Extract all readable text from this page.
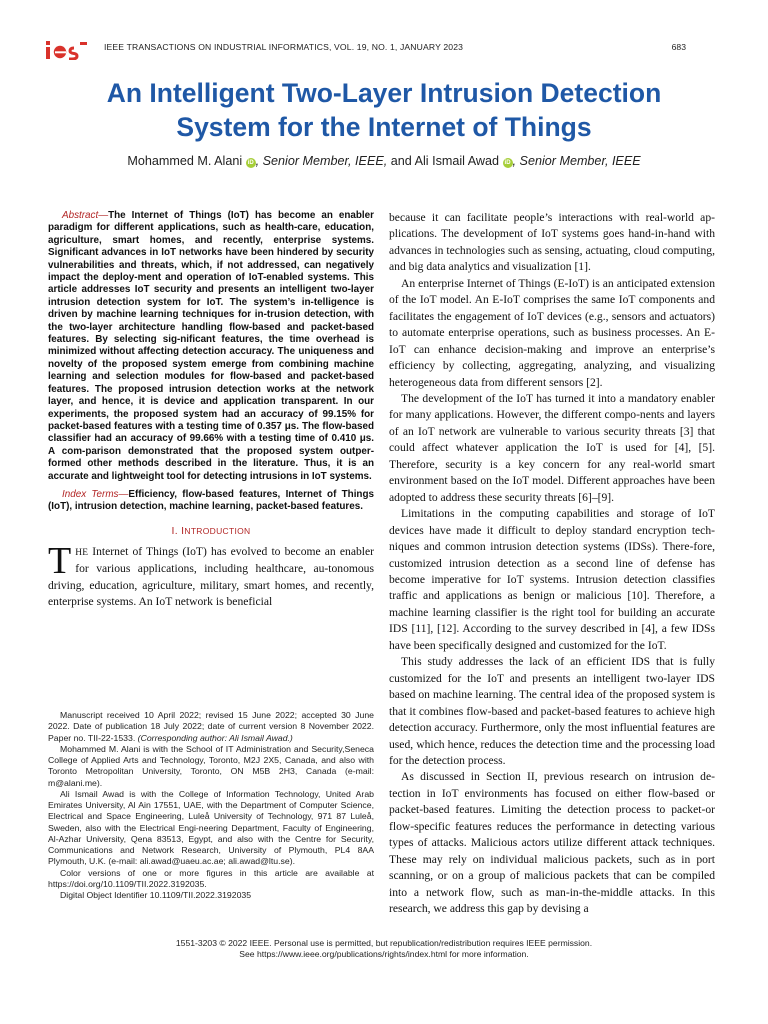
IEEE TRANSACTIONS ON INDUSTRIAL INFORMATICS, VOL. 19, NO. 1, JANUARY 2023	683
An Intelligent Two-Layer Intrusion Detection
System for the Internet of Things
Mohammed M. Alani iD , Senior Member, IEEE, and Ali Ismail Awad iD , Senior Member, IEEE

Abstract—The Internet of Things (IoT) has become an enabler paradigm for different applications, such as health-care, education, agriculture, smart homes, and recently, enterprise systems. Significant advances in IoT networks have been hindered by security vulnerabilities and threats, which, if not addressed, can negatively impact the deploy-ment and operation of IoT-enabled systems. This article addresses IoT security and presents an intelligent two-layer intrusion detection system for IoT. The system’s in-telligence is driven by machine learning techniques for in-trusion detection, with the two-layer architecture handling flow-based and packet-based features. By selecting sig-nificant features, the time overhead is minimized without affecting detection accuracy. The uniqueness and novelty of the proposed system emerge from combining machine learning and selection modules for flow-based and packet-based features. The proposed intrusion detection works at the network layer, and hence, it is device and application transparent. In our experiments, the proposed system had an accuracy of 99.15% for packet-based features with a testing time of 0.357 μs. The flow-based classifier had an accuracy of 99.66% with a testing time of 0.410 μs. A com-parison demonstrated that the proposed system outper-formed other methods described in the literature. Thus, it is an accurate and lightweight tool for detecting intrusions in IoT systems.

Index Terms—Efficiency, flow-based features, Internet of Things (IoT), intrusion detection, machine learning, packet-based features.

I. INTRODUCTION
THE Internet of Things (IoT) has evolved to become an enabler for various applications, including healthcare, au-tonomous driving, education, agriculture, military, smart homes, and recently, enterprise systems. An IoT network is beneficial

because it can facilitate people’s interactions with real-world ap-plications. The development of IoT systems goes hand-in-hand with advances in technologies such as sensing, actuating, cloud computing, and big data analytics and visualization [1].

An enterprise Internet of Things (E-IoT) is an anticipated extension of the IoT model. An E-IoT comprises the same IoT components and facilitates the engagement of IoT devices (e.g., sensors and actuators) to automate enterprise operations, such as business processes. An E-IoT can enhance decision-making and improve an enterprise’s efficiency by collecting, aggregating, analyzing, and visualizing heterogeneous data from different sensors [2].

The development of the IoT has turned it into a mandatory enabler for many applications. However, the different compo-nents and layers of an IoT network are vulnerable to various security threats [3] that could affect whatever application the IoT is used for [4], [5]. Therefore, security is a key concern for any real-world smart environment based on the IoT model. Different approaches have been adopted to address these security threats [6]–[9].

Limitations in the computing capabilities and storage of IoT devices have made it difficult to deploy standard encryption tech-niques and common intrusion detection systems (IDSs). There-fore, customized intrusion detection as a second line of defense has become imperative for IoT systems. Intrusion detection classifies traffic and applications as benign or malicious [10]. Therefore, a machine learning classifier is the right tool for building an accurate IDS [11], [12]. According to the survey described in [4], a few IDSs have been specifically designed and customized for the IoT.

This study addresses the lack of an efficient IDS that is fully customized for the IoT and presents an intelligent two-layer IDS based on machine learning. The central idea of the proposed system is that it combines flow-based and packet-based features to achieve high detection accuracy. Furthermore, only the most influential features are used, which hence, reduces the detection time and the processing load for the detection process.

As discussed in Section II, previous research on intrusion de-tection in IoT environments has focused on either flow-based or packet-based features. Limiting the detection process to packet-or flow-specific features reduces the performance in detecting various types of attacks. Malicious actors utilize different attack techniques. These may rely on individual malicious packets, such as in port scanning, or on a group of malicious packets that can be compiled into a network flow, such as man-in-the-middle attacks. In this research, we address this gap by devising a

Manuscript received 10 April 2022; revised 15 June 2022; accepted 30 June 2022. Date of publication 18 July 2022; date of current version 8 November 2022. Paper no. TII-22-1533. (Corresponding author: Ali Ismail Awad.)

Mohammed M. Alani is with the School of IT Administration and Security,Seneca College of Applied Arts and Technology, Toronto, M2J 2X5, Canada, and also with Toronto Metropolitan University, Toronto, ON M5B 2H3, Canada (e-mail: m@alani.me).

Ali Ismail Awad is with the College of Information Technology, United Arab Emirates University, Al Ain 17551, UAE, with the Department of Computer Science, Electrical and Space Engineering, Luleå University of Technology, 971 87 Luleå, Sweden, also with the Electrical Engi-neering Department, Faculty of Engineering, Al-Azhar University, Qena 83513, Egypt, and also with the Centre for Security, Communications and Network Research, University of Plymouth, PL4 8AA Plymouth, U.K. (e-mail: ali.awad@uaeu.ac.ae; ali.awad@ltu.se).

Color versions of one or more figures in this article are available at https://doi.org/10.1109/TII.2022.3192035.

Digital Object Identifier 10.1109/TII.2022.3192035

1551-3203 © 2022 IEEE. Personal use is permitted, but republication/redistribution requires IEEE permission.
See https://www.ieee.org/publications/rights/index.html for more information.
